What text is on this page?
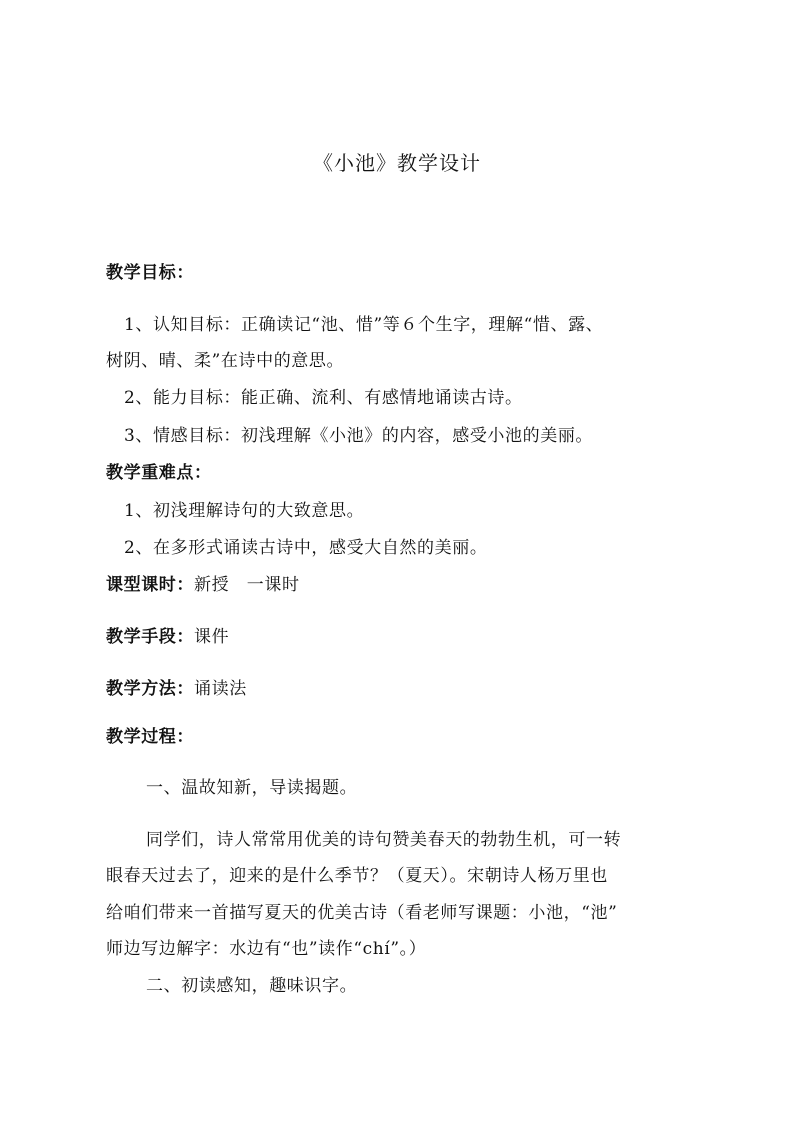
《小池》教学设计
教学目标：
1、认知目标：正确读记“池、惜”等６个生字，理解“惜、露、
树阴、晴、柔”在诗中的意思。
2、能力目标：能正确、流利、有感情地诵读古诗。
3、情感目标：初浅理解《小池》的内容，感受小池的美丽。
教学重难点：
1、初浅理解诗句的大致意思。
2、在多形式诵读古诗中，感受大自然的美丽。
课型课时：新授　一课时
教学手段：课件
教学方法：诵读法
教学过程：
一、温故知新，导读揭题。
同学们，诗人常常用优美的诗句赞美春天的勃勃生机，可一转
眼春天过去了，迎来的是什么季节？（夏天）。宋朝诗人杨万里也
给咱们带来一首描写夏天的优美古诗（看老师写课题：小池，“池”
师边写边解字：水边有“也”读作“chí”。）
二、初读感知，趣味识字。
